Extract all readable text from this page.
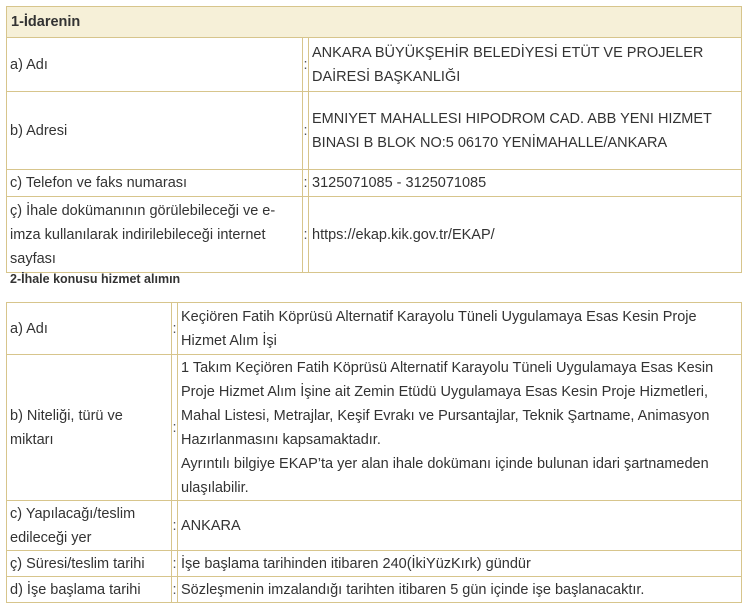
1-İdarenin		
a) Adı	:	ANKARA BÜYÜKŞEHİR BELEDİYESİ ETÜT VE PROJELER DAİRESİ BAŞKANLIĞI
b) Adresi	:	EMNIYET MAHALLESI HIPODROM CAD. ABB YENI HIZMET BINASI B BLOK NO:5 06170 YENİMAHALLE/ANKARA
c) Telefon ve faks numarası	:	3125071085 - 3125071085
ç) İhale dokümanının görülebileceği ve e-imza kullanılarak indirilebileceği internet sayfası	:	https://ekap.kik.gov.tr/EKAP/
2-İhale konusu hizmet alımın
a) Adı	:	Keçiören Fatih Köprüsü Alternatif Karayolu Tüneli Uygulamaya Esas Kesin Proje Hizmet Alım İşi
b) Niteliği, türü ve miktarı	:	1 Takım Keçiören Fatih Köprüsü Alternatif Karayolu Tüneli Uygulamaya Esas Kesin Proje Hizmet Alım İşine ait Zemin Etüdü Uygulamaya Esas Kesin Proje Hizmetleri, Mahal Listesi, Metrajlar, Keşif Evrakı ve Pursantajlar, Teknik Şartname, Animasyon Hazırlanmasını kapsamaktadır.
Ayrıntılı bilgiye EKAP’ta yer alan ihale dokümanı içinde bulunan idari şartnameden ulaşılabilir.

c) Yapılacağı/teslim edileceği yer	:	ANKARA
ç) Süresi/teslim tarihi	:	İşe başlama tarihinden itibaren 240(İkiYüzKırk) gündür
d) İşe başlama tarihi	:	Sözleşmenin imzalandığı tarihten itibaren 5 gün içinde işe başlanacaktır.
